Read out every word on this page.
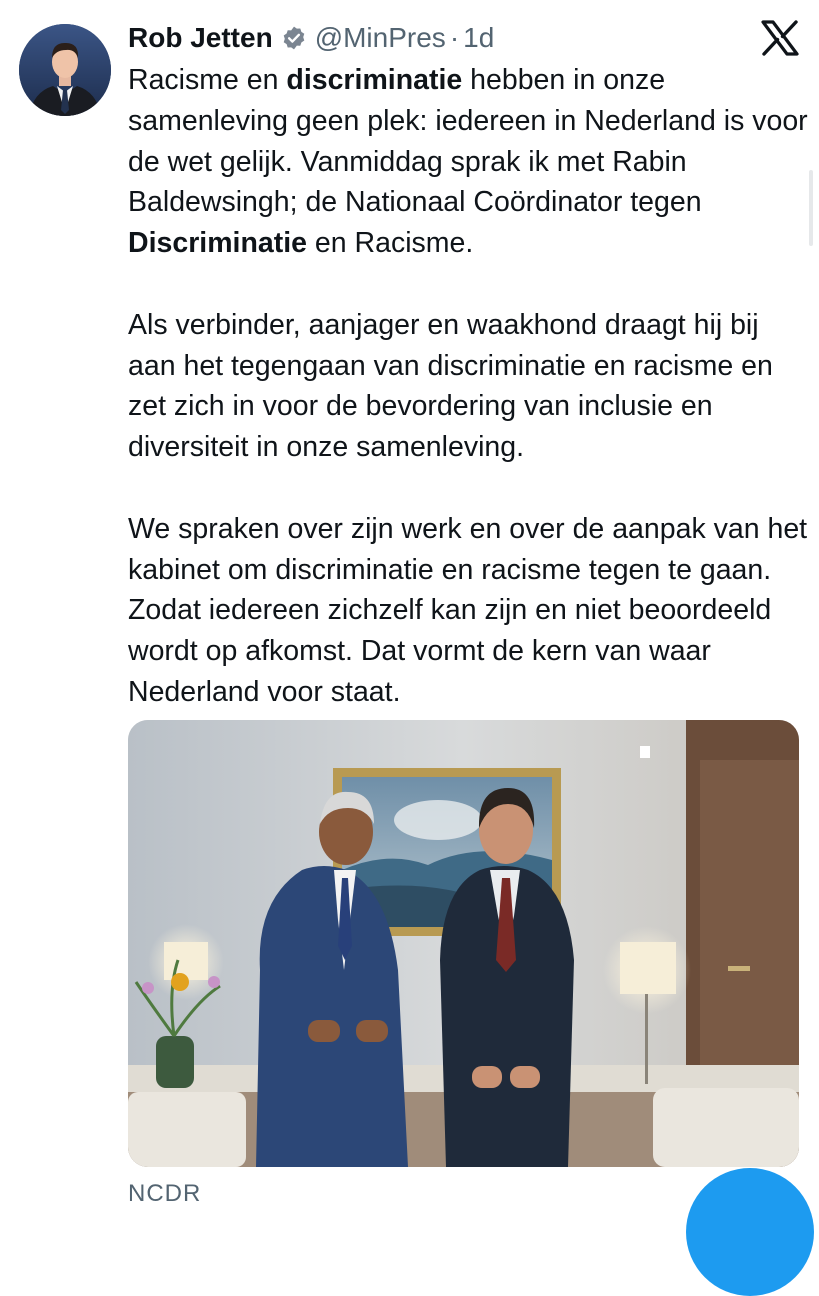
Rob Jetten @MinPres · 1d

Racisme en discriminatie hebben in onze samenleving geen plek: iedereen in Nederland is voor de wet gelijk. Vanmiddag sprak ik met Rabin Baldewsingh; de Nationaal Coördinator tegen Discriminatie en Racisme.

Als verbinder, aanjager en waakhond draagt hij bij aan het tegengaan van discriminatie en racisme en zet zich in voor de bevordering van inclusie en diversiteit in onze samenleving.

We spraken over zijn werk en over de aanpak van het kabinet om discriminatie en racisme tegen te gaan. Zodat iedereen zichzelf kan zijn en niet beoordeeld wordt op afkomst. Dat vormt de kern van waar Nederland voor staat.

NCDR
